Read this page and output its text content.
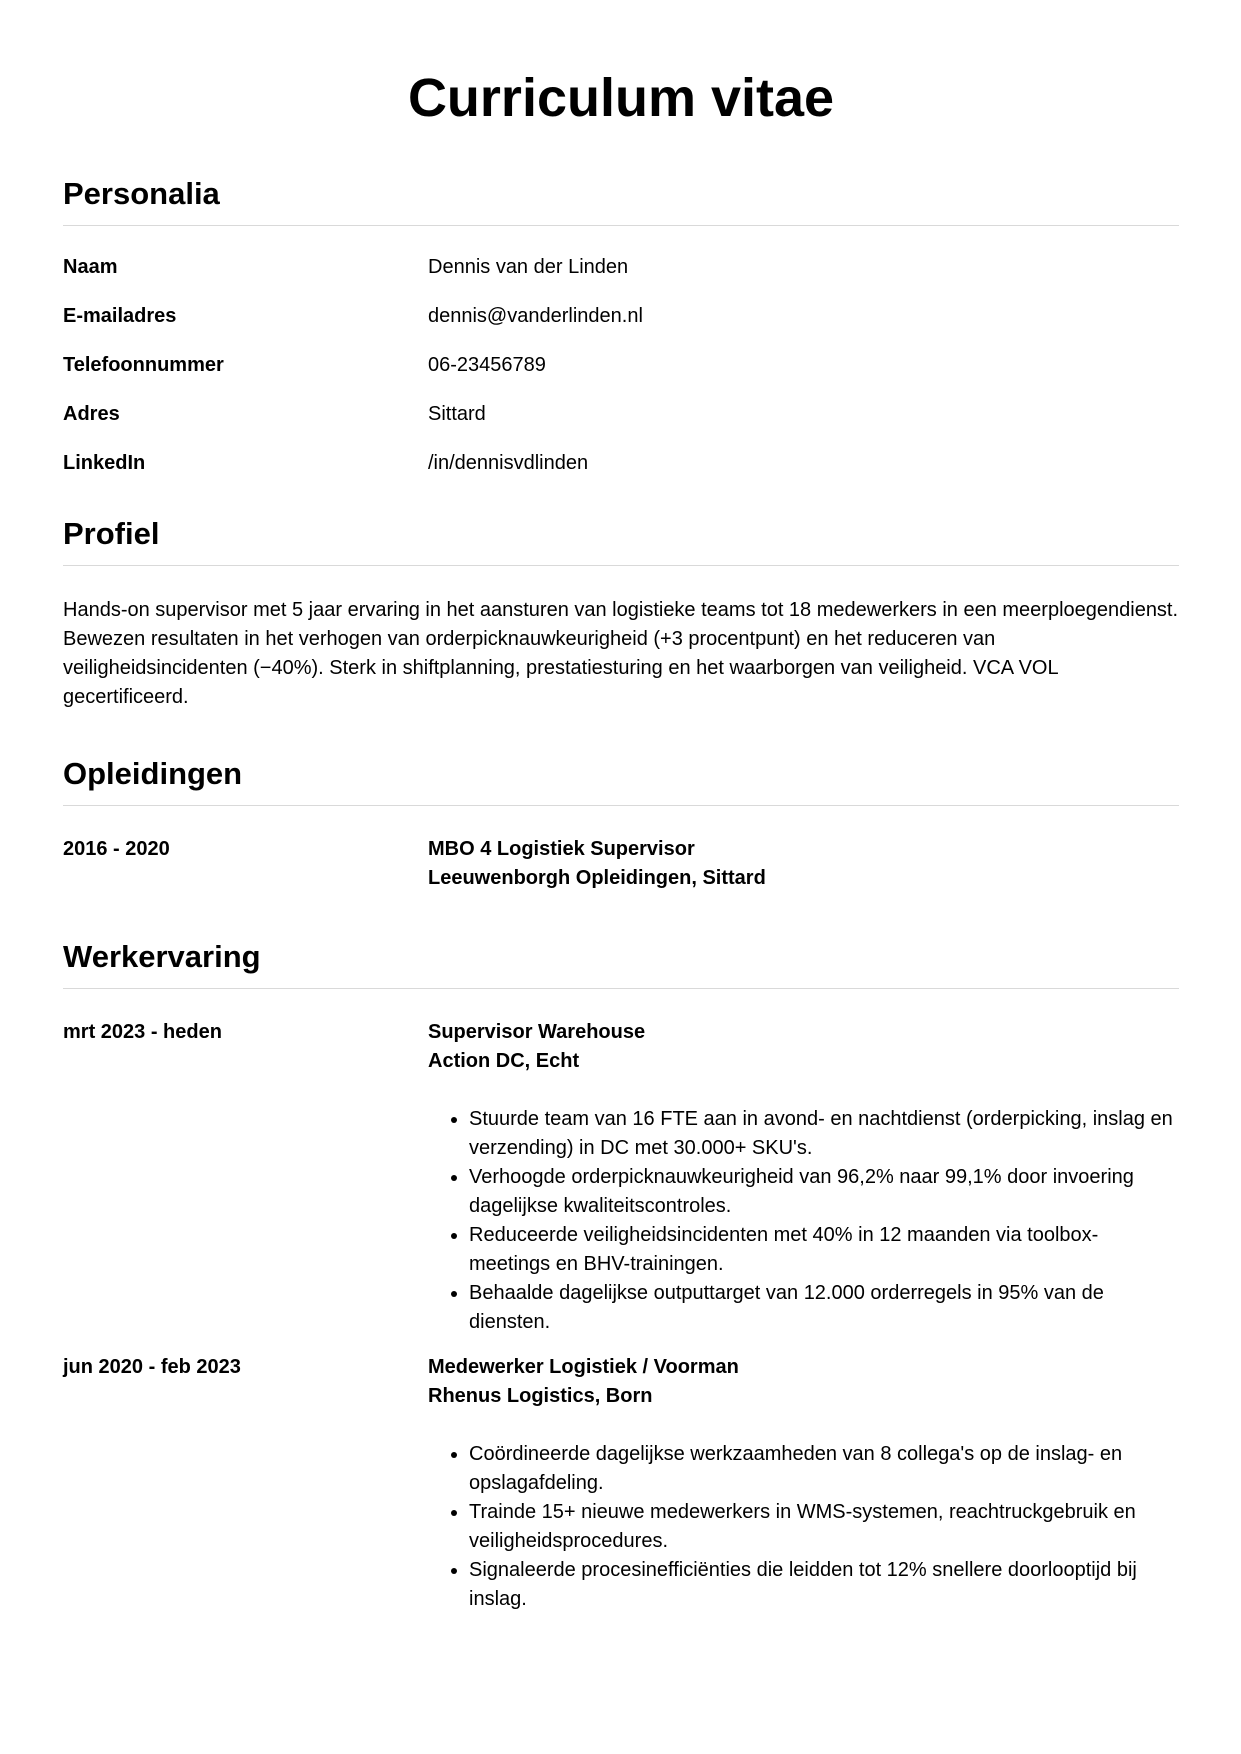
Curriculum vitae
Personalia
Naam	Dennis van der Linden
E-mailadres	dennis@vanderlinden.nl
Telefoonnummer	06-23456789
Adres	Sittard
LinkedIn	/in/dennisvdlinden
Profiel

Hands-on supervisor met 5 jaar ervaring in het aansturen van logistieke teams tot 18 medewerkers in een meerploegendienst. Bewezen resultaten in het verhogen van orderpicknauwkeurigheid (+3 procentpunt) en het reduceren van veiligheidsincidenten (−40%). Sterk in shiftplanning, prestatiesturing en het waarborgen van veiligheid. VCA VOL gecertificeerd.

Opleidingen
2016 - 2020	MBO 4 Logistiek Supervisor
Leeuwenborgh Opleidingen, Sittard
Werkervaring
mrt 2023 - heden	Supervisor Warehouse
Action DC, Echt
• Stuurde team van 16 FTE aan in avond- en nachtdienst (orderpicking, inslag en verzending) in DC met 30.000+ SKU's.
• Verhoogde orderpicknauwkeurigheid van 96,2% naar 99,1% door invoering dagelijkse kwaliteitscontroles.
• Reduceerde veiligheidsincidenten met 40% in 12 maanden via toolbox-meetings en BHV-trainingen.
• Behaalde dagelijkse outputtarget van 12.000 orderregels in 95% van de diensten.
jun 2020 - feb 2023	Medewerker Logistiek / Voorman
Rhenus Logistics, Born
• Coördineerde dagelijkse werkzaamheden van 8 collega's op de inslag- en opslagafdeling.
• Trainde 15+ nieuwe medewerkers in WMS-systemen, reachtruckgebruik en veiligheidsprocedures.
• Signaleerde procesinefficiënties die leidden tot 12% snellere doorlooptijd bij inslag.
